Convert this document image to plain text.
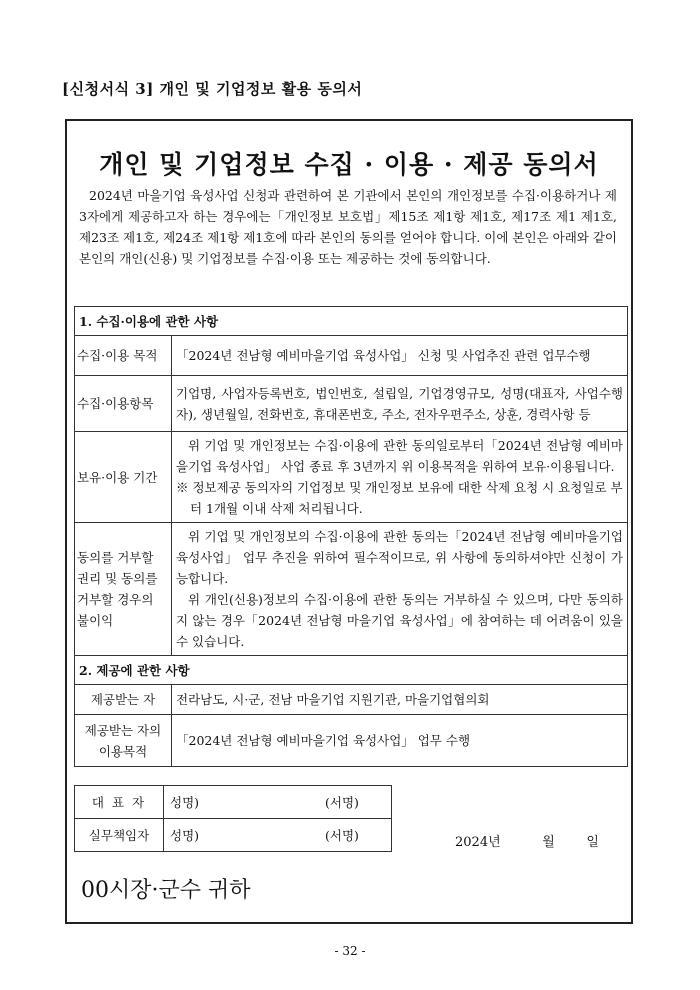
[신청서식 3] 개인 및 기업정보 활용 동의서
개인 및 기업정보 수집 · 이용 · 제공 동의서
2024년 마을기업 육성사업 신청과 관련하여 본 기관에서 본인의 개인정보를 수집·이용하거나 제3자에게 제공하고자 하는 경우에는「개인정보 보호법」제15조 제1항 제1호, 제17조 제1 제1호, 제23조 제1호, 제24조 제1항 제1호에 따라 본인의 동의를 얻어야 합니다. 이에 본인은 아래와 같이 본인의 개인(신용) 및 기업정보를 수집·이용 또는 제공하는 것에 동의합니다.
1. 수집·이용에 관한 사항	
수집·이용 목적	「2024년 전남형 예비마을기업 육성사업」 신청 및 사업추진 관련 업무수행
수집·이용항목	기업명, 사업자등록번호, 법인번호, 설립일, 기업경영규모, 성명(대표자, 사업수행자), 생년월일, 전화번호, 휴대폰번호, 주소, 전자우편주소, 상훈, 경력사항 등
보유·이용 기간	위 기업 및 개인정보는 수집·이용에 관한 동의일로부터「2024년 전남형 예비마을기업 육성사업」 사업 종료 후 3년까지 위 이용목적을 위하여 보유·이용됩니다.
※ 정보제공 동의자의 기업정보 및 개인정보 보유에 대한 삭제 요청 시 요청일로 부터 1개월 이내 삭제 처리됩니다.

동의를 거부할 권리 및 동의를 거부할 경우의 불이익	위 기업 및 개인정보의 수집·이용에 관한 동의는「2024년 전남형 예비마을기업 육성사업」 업무 추진을 위하여 필수적이므로, 위 사항에 동의하셔야만 신청이 가능합니다.
위 개인(신용)정보의 수집·이용에 관한 동의는 거부하실 수 있으며, 다만 동의하지 않는 경우「2024년 전남형 마을기업 육성사업」에 참여하는 데 어려움이 있을 수 있습니다.

2. 제공에 관한 사항	
제공받는 자	전라남도, 시·군, 전남 마을기업 지원기관, 마을기업협의회
제공받는 자의 이용목적	「2024년 전남형 예비마을기업 육성사업」 업무 수행
대 표 자	성명) (서명)
실무책임자	성명) (서명)	2024년	월 일
00시장·군수 귀하
- 32 -
